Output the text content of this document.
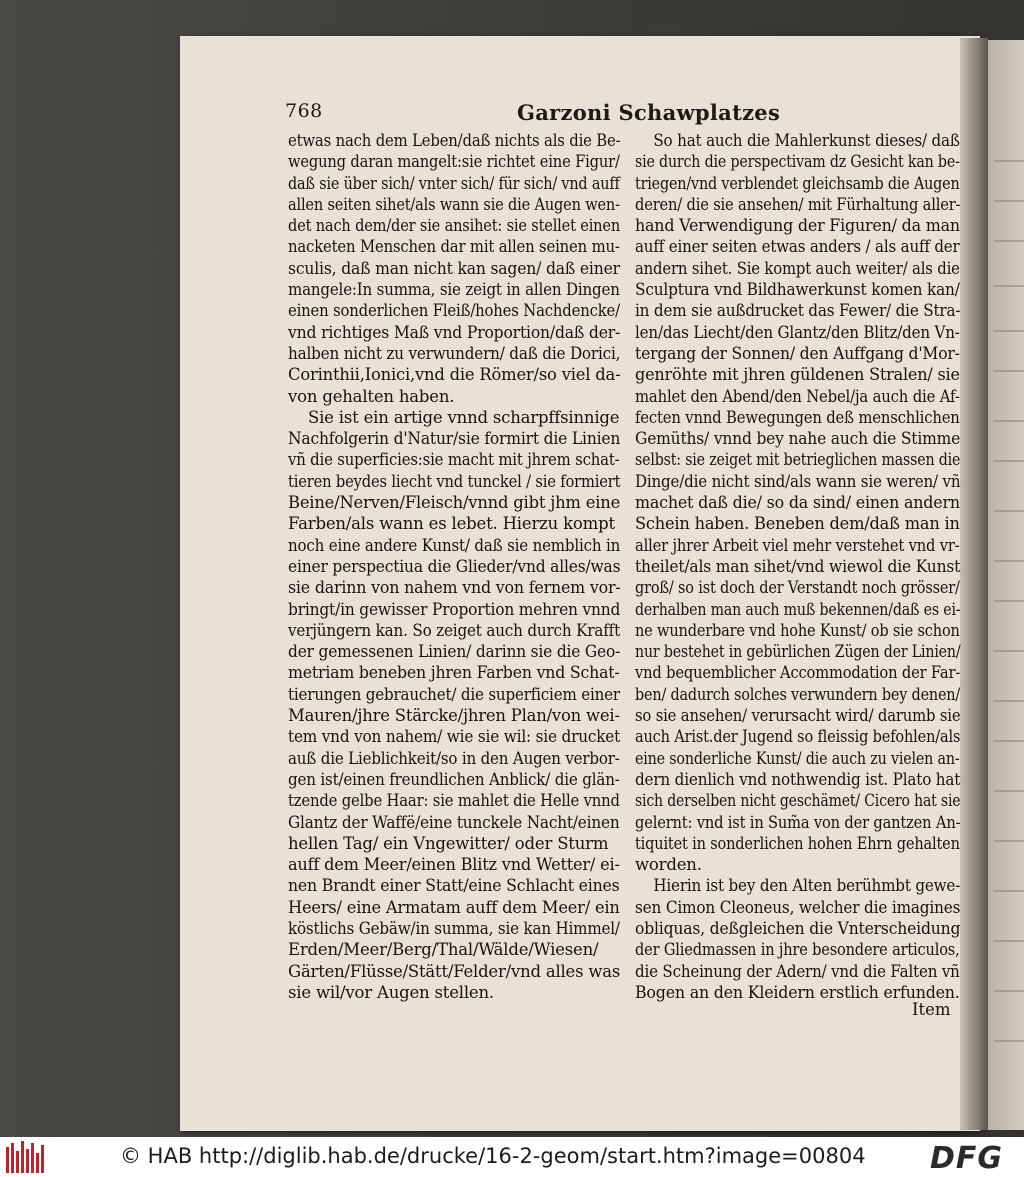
768	Garzoni Schawplatzes
etwas nach dem Leben/daß nichts als die Be-
wegung daran mangelt:sie richtet eine Figur/
daß sie über sich/ vnter sich/ für sich/ vnd auff
allen seiten sihet/als wann sie die Augen wen-
det nach dem/der sie ansihet: sie stellet einen
nacketen Menschen dar mit allen seinen mu-
sculis, daß man nicht kan sagen/ daß einer
mangele:In summa, sie zeigt in allen Dingen
einen sonderlichen Fleiß/hohes Nachdencke/
vnd richtiges Maß vnd Proportion/daß der-
halben nicht zu verwundern/ daß die Dorici,
Corinthii,Ionici,vnd die Römer/so viel da-
von gehalten haben.
Sie ist ein artige vnnd scharpffsinnige
Nachfolgerin d'Natur/sie formirt die Linien
vñ die superficies:sie macht mit jhrem schat-
tieren beydes liecht vnd tunckel / sie formiert
Beine/Nerven/Fleisch/vnnd gibt jhm eine
Farben/als wann es lebet. Hierzu kompt
noch eine andere Kunst/ daß sie nemblich in
einer perspectiua die Glieder/vnd alles/was
sie darinn von nahem vnd von fernem vor-
bringt/in gewisser Proportion mehren vnnd
verjüngern kan. So zeiget auch durch Krafft
der gemessenen Linien/ darinn sie die Geo-
metriam beneben jhren Farben vnd Schat-
tierungen gebrauchet/ die superficiem einer
Mauren/jhre Stärcke/jhren Plan/von wei-
tem vnd von nahem/ wie sie wil: sie drucket
auß die Lieblichkeit/so in den Augen verbor-
gen ist/einen freundlichen Anblick/ die glän-
tzende gelbe Haar: sie mahlet die Helle vnnd
Glantz der Waffë/eine tunckele Nacht/einen
hellen Tag/ ein Vngewitter/ oder Sturm
auff dem Meer/einen Blitz vnd Wetter/ ei-
nen Brandt einer Statt/eine Schlacht eines
Heers/ eine Armatam auff dem Meer/ ein
köstlichs Gebäw/in summa, sie kan Himmel/
Erden/Meer/Berg/Thal/Wälde/Wiesen/
Gärten/Flüsse/Stätt/Felder/vnd alles was
sie wil/vor Augen stellen.
So hat auch die Mahlerkunst dieses/ daß
sie durch die perspectivam dz Gesicht kan be-
triegen/vnd verblendet gleichsamb die Augen
deren/ die sie ansehen/ mit Fürhaltung aller-
hand Verwendigung der Figuren/ da man
auff einer seiten etwas anders / als auff der
andern sihet. Sie kompt auch weiter/ als die
Sculptura vnd Bildhawerkunst komen kan/
in dem sie außdrucket das Fewer/ die Stra-
len/das Liecht/den Glantz/den Blitz/den Vn-
tergang der Sonnen/ den Auffgang d'Mor-
genröhte mit jhren güldenen Stralen/ sie
mahlet den Abend/den Nebel/ja auch die Af-
fecten vnnd Bewegungen deß menschlichen
Gemüths/ vnnd bey nahe auch die Stimme
selbst: sie zeiget mit betrieglichen massen die
Dinge/die nicht sind/als wann sie weren/ vñ
machet daß die/ so da sind/ einen andern
Schein haben. Beneben dem/daß man in
aller jhrer Arbeit viel mehr verstehet vnd vr-
theilet/als man sihet/vnd wiewol die Kunst
groß/ so ist doch der Verstandt noch grösser/
derhalben man auch muß bekennen/daß es ei-
ne wunderbare vnd hohe Kunst/ ob sie schon
nur bestehet in gebürlichen Zügen der Linien/
vnd bequemblicher Accommodation der Far-
ben/ dadurch solches verwundern bey denen/
so sie ansehen/ verursacht wird/ darumb sie
auch Arist.der Jugend so fleissig befohlen/als
eine sonderliche Kunst/ die auch zu vielen an-
dern dienlich vnd nothwendig ist. Plato hat
sich derselben nicht geschämet/ Cicero hat sie
gelernt: vnd ist in Sum̃a von der gantzen An-
tiquitet in sonderlichen hohen Ehrn gehalten
worden.
Hierin ist bey den Alten berühmbt gewe-
sen Cimon Cleoneus, welcher die imagines
obliquas, deßgleichen die Vnterscheidung
der Gliedmassen in jhre besondere articulos,
die Scheinung der Adern/ vnd die Falten vñ
Bogen an den Kleidern erstlich erfunden.
Item
© HAB http://diglib.hab.de/drucke/16-2-geom/start.htm?image=00804 DFG
